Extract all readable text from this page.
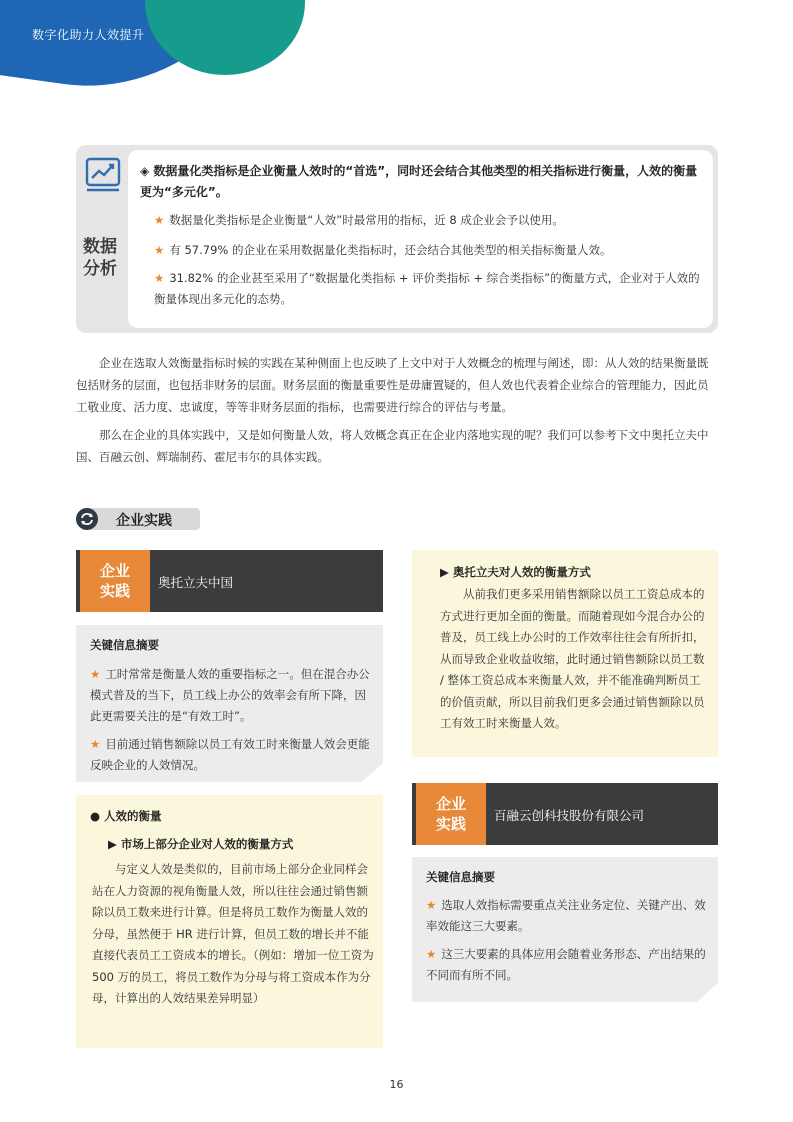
数字化助力人效提升
数据
分析
◈ 数据量化类指标是企业衡量人效时的“首选”，同时还会结合其他类型的相关指标进行衡量，人效的衡量更为“多元化”。
★ 数据量化类指标是企业衡量“人效”时最常用的指标，近 8 成企业会予以使用。
★ 有 57.79% 的企业在采用数据量化类指标时，还会结合其他类型的相关指标衡量人效。
★ 31.82% 的企业甚至采用了“数据量化类指标 + 评价类指标 + 综合类指标”的衡量方式，企业对于人效的衡量体现出多元化的态势。
企业在选取人效衡量指标时候的实践在某种侧面上也反映了上文中对于人效概念的梳理与阐述，即：从人效的结果衡量既包括财务的层面，也包括非财务的层面。财务层面的衡量重要性是毋庸置疑的，但人效也代表着企业综合的管理能力，因此员工敬业度、活力度、忠诚度，等等非财务层面的指标，也需要进行综合的评估与考量。
那么在企业的具体实践中，又是如何衡量人效，将人效概念真正在企业内落地实现的呢？我们可以参考下文中奥托立夫中国、百融云创、辉瑞制药、霍尼韦尔的具体实践。
企业实践
企业
实践 奥托立夫中国
关键信息摘要
★ 工时常常是衡量人效的重要指标之一。但在混合办公模式普及的当下，员工线上办公的效率会有所下降，因此更需要关注的是“有效工时”。
★ 目前通过销售额除以员工有效工时来衡量人效会更能反映企业的人效情况。
● 人效的衡量
▶ 市场上部分企业对人效的衡量方式
与定义人效是类似的，目前市场上部分企业同样会站在人力资源的视角衡量人效，所以往往会通过销售额除以员工数来进行计算。但是将员工数作为衡量人效的分母，虽然便于 HR 进行计算，但员工数的增长并不能直接代表员工工资成本的增长。（例如：增加一位工资为 500 万的员工，将员工数作为分母与将工资成本作为分母，计算出的人效结果差异明显）
▶ 奥托立夫对人效的衡量方式
从前我们更多采用销售额除以员工工资总成本的方式进行更加全面的衡量。而随着现如今混合办公的普及，员工线上办公时的工作效率往往会有所折扣，从而导致企业收益收缩，此时通过销售额除以员工数 / 整体工资总成本来衡量人效，并不能准确判断员工的价值贡献，所以目前我们更多会通过销售额除以员工有效工时来衡量人效。
企业
实践 百融云创科技股份有限公司
关键信息摘要
★ 选取人效指标需要重点关注业务定位、关键产出、效率效能这三大要素。
★ 这三大要素的具体应用会随着业务形态、产出结果的不同而有所不同。
16
